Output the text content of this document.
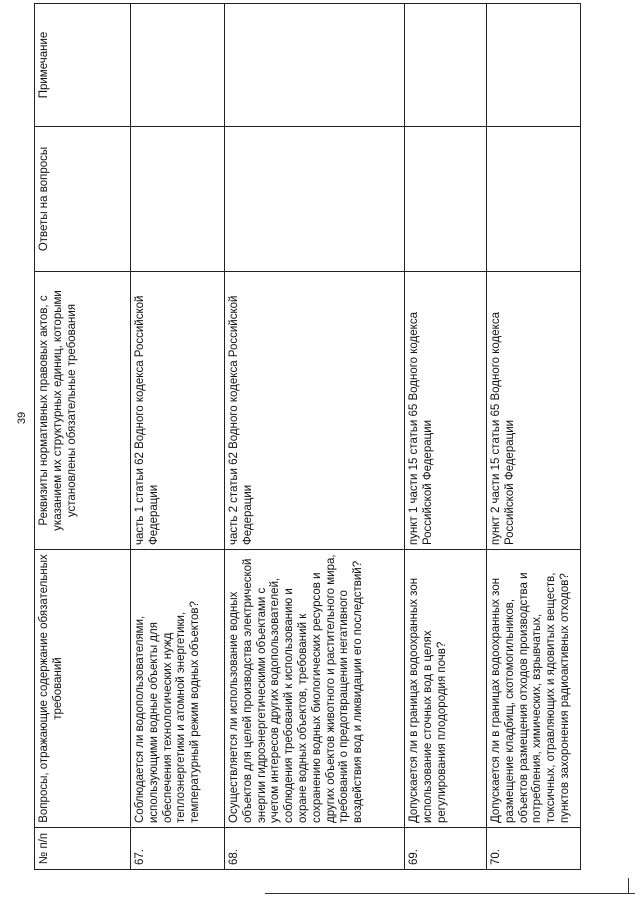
39
№ п/п	Вопросы, отражающие содержание обязательных требований	Реквизиты нормативных правовых актов, с указанием их структурных единиц, которыми установлены обязательные требования	Ответы на вопросы	Примечание
67.	Соблюдается ли водопользователями, использующими водные объекты для обеспечения технологических нужд теплоэнергетики и атомной энергетики, температурный режим водных объектов?	часть 1 статьи 62 Водного кодекса Российской Федерации		
68.	Осуществляется ли использование водных объектов для целей производства электрической энергии гидроэнергетическими объектами с учетом интересов других водопользователей, соблюдения требований к использованию и охране водных объектов, требований к сохранению водных биологических ресурсов и других объектов животного и растительного мира, требований о предотвращении негативного воздействия вод и ликвидации его последствий?	часть 2 статьи 62 Водного кодекса Российской Федерации		
69.	Допускается ли в границах водоохранных зон использование сточных вод в целях регулирования плодородия почв?	пункт 1 части 15 статьи 65 Водного кодекса Российской Федерации		
70.	Допускается ли в границах водоохранных зон размещение кладбищ, скотомогильников, объектов размещения отходов производства и потребления, химических, взрывчатых, токсичных, отравляющих и ядовитых веществ, пунктов захоронения радиоактивных отходов?	пункт 2 части 15 статьи 65 Водного кодекса Российской Федерации		
